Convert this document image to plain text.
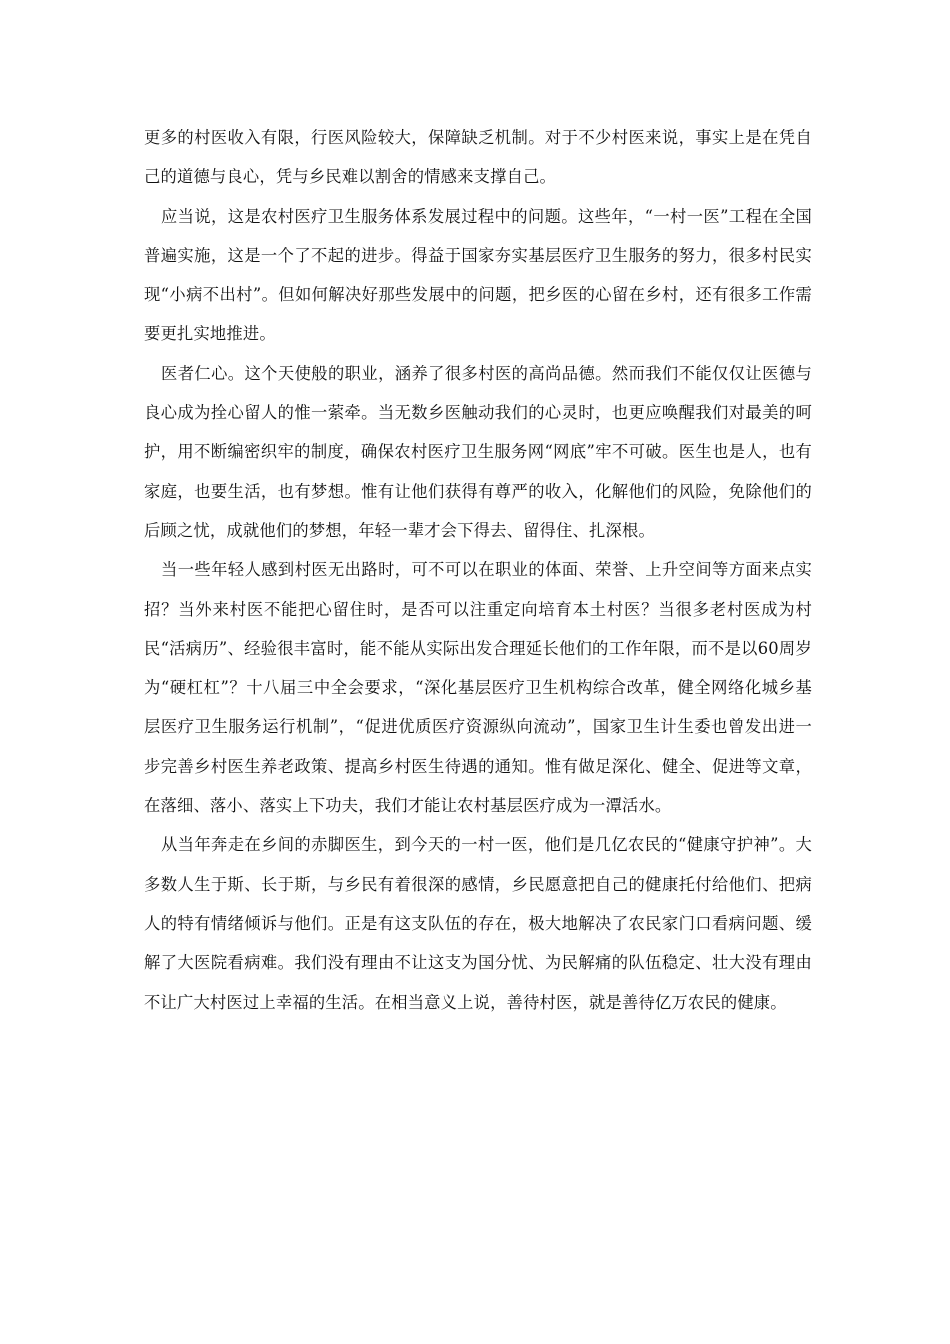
更多的村医收入有限，行医风险较大，保障缺乏机制。对于不少村医来说，事实上是在凭自己的道德与良心，凭与乡民难以割舍的情感来支撑自己。

应当说，这是农村医疗卫生服务体系发展过程中的问题。这些年，“一村一医”工程在全国普遍实施，这是一个了不起的进步。得益于国家夯实基层医疗卫生服务的努力，很多村民实现“小病不出村”。但如何解决好那些发展中的问题，把乡医的心留在乡村，还有很多工作需要更扎实地推进。

医者仁心。这个天使般的职业，涵养了很多村医的高尚品德。然而我们不能仅仅让医德与良心成为拴心留人的惟一萦牵。当无数乡医触动我们的心灵时，也更应唤醒我们对最美的呵护，用不断编密织牢的制度，确保农村医疗卫生服务网“网底”牢不可破。医生也是人，也有家庭，也要生活，也有梦想。惟有让他们获得有尊严的收入，化解他们的风险，免除他们的后顾之忧，成就他们的梦想，年轻一辈才会下得去、留得住、扎深根。

当一些年轻人感到村医无出路时，可不可以在职业的体面、荣誉、上升空间等方面来点实招？当外来村医不能把心留住时，是否可以注重定向培育本土村医？当很多老村医成为村民“活病历”、经验很丰富时，能不能从实际出发合理延长他们的工作年限，而不是以60周岁为“硬杠杠”？十八届三中全会要求，“深化基层医疗卫生机构综合改革，健全网络化城乡基层医疗卫生服务运行机制”，“促进优质医疗资源纵向流动”，国家卫生计生委也曾发出进一步完善乡村医生养老政策、提高乡村医生待遇的通知。惟有做足深化、健全、促进等文章，在落细、落小、落实上下功夫，我们才能让农村基层医疗成为一潭活水。

从当年奔走在乡间的赤脚医生，到今天的一村一医，他们是几亿农民的“健康守护神”。大多数人生于斯、长于斯，与乡民有着很深的感情，乡民愿意把自己的健康托付给他们、把病人的特有情绪倾诉与他们。正是有这支队伍的存在，极大地解决了农民家门口看病问题、缓解了大医院看病难。我们没有理由不让这支为国分忧、为民解痛的队伍稳定、壮大没有理由不让广大村医过上幸福的生活。在相当意义上说，善待村医，就是善待亿万农民的健康。
